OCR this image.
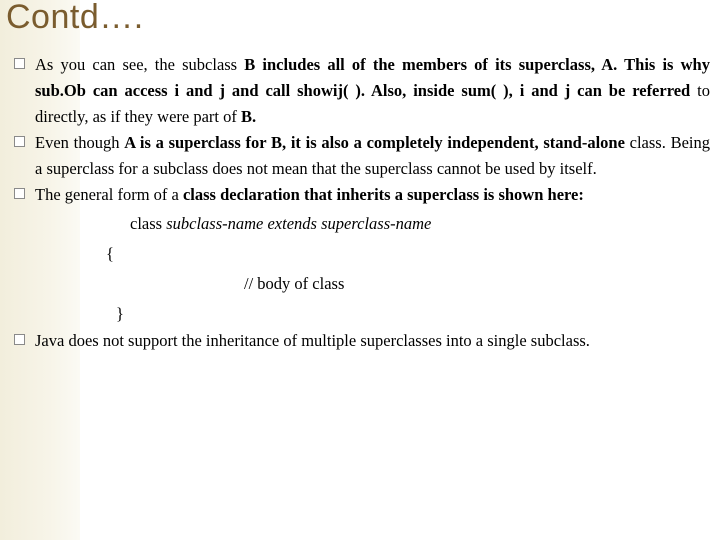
Contd….
As you can see, the subclass B includes all of the members of its superclass, A. This is why sub.Ob can access i and j and call showij( ). Also, inside sum( ), i and j can be referred to directly, as if they were part of B.
Even though A is a superclass for B, it is also a completely independent, stand-alone class. Being a superclass for a subclass does not mean that the superclass cannot be used by itself.
The general form of a class declaration that inherits a superclass is shown here:
class subclass-name extends superclass-name
{
// body of class
}
Java does not support the inheritance of multiple superclasses into a single subclass.
